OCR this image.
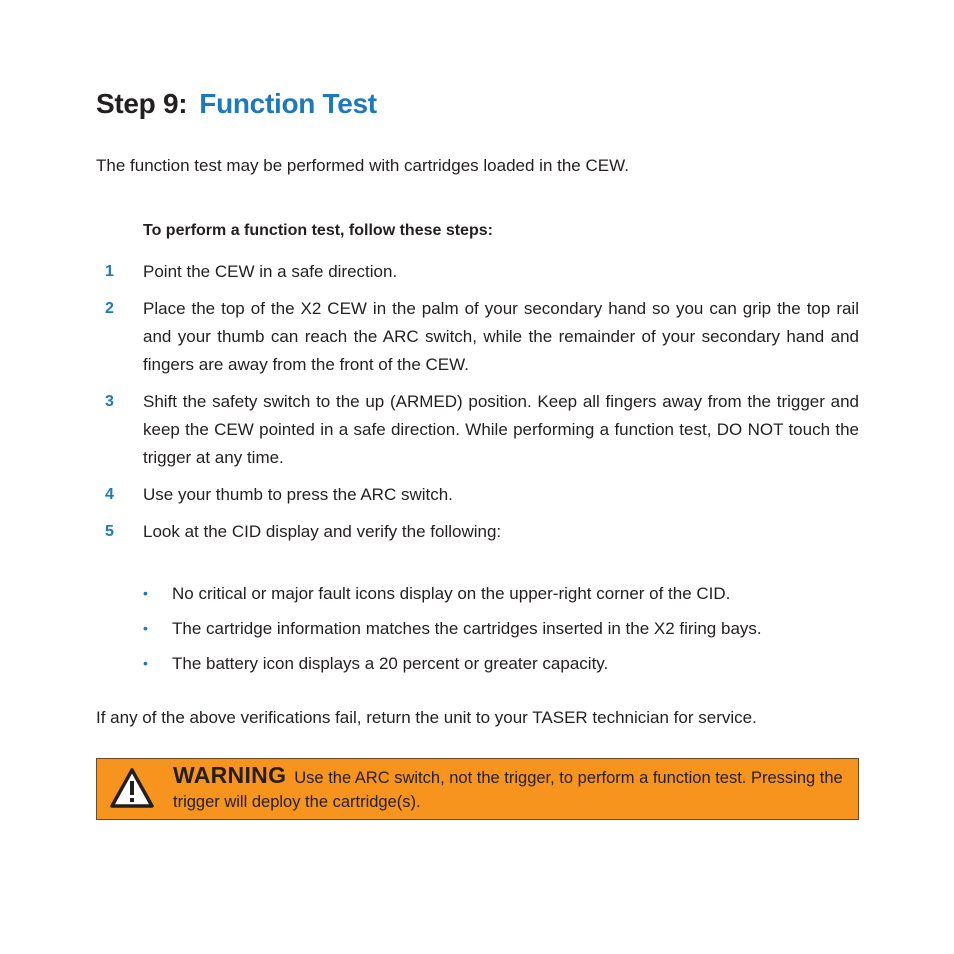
Step 9: Function Test

The function test may be performed with cartridges loaded in the CEW.

To perform a function test, follow these steps:

1 Point the CEW in a safe direction.
2 Place the top of the X2 CEW in the palm of your secondary hand so you can grip the top rail and your thumb can reach the ARC switch, while the remainder of your secondary hand and fingers are away from the front of the CEW.
3 Shift the safety switch to the up (ARMED) position. Keep all fingers away from the trigger and keep the CEW pointed in a safe direction. While performing a function test, DO NOT touch the trigger at any time.
4 Use your thumb to press the ARC switch.
5 Look at the CID display and verify the following:
• No critical or major fault icons display on the upper-right corner of the CID.
• The cartridge information matches the cartridges inserted in the X2 firing bays.
• The battery icon displays a 20 percent or greater capacity.

If any of the above verifications fail, return the unit to your TASER technician for service.

WARNING Use the ARC switch, not the trigger, to perform a function test. Pressing the trigger will deploy the cartridge(s).
